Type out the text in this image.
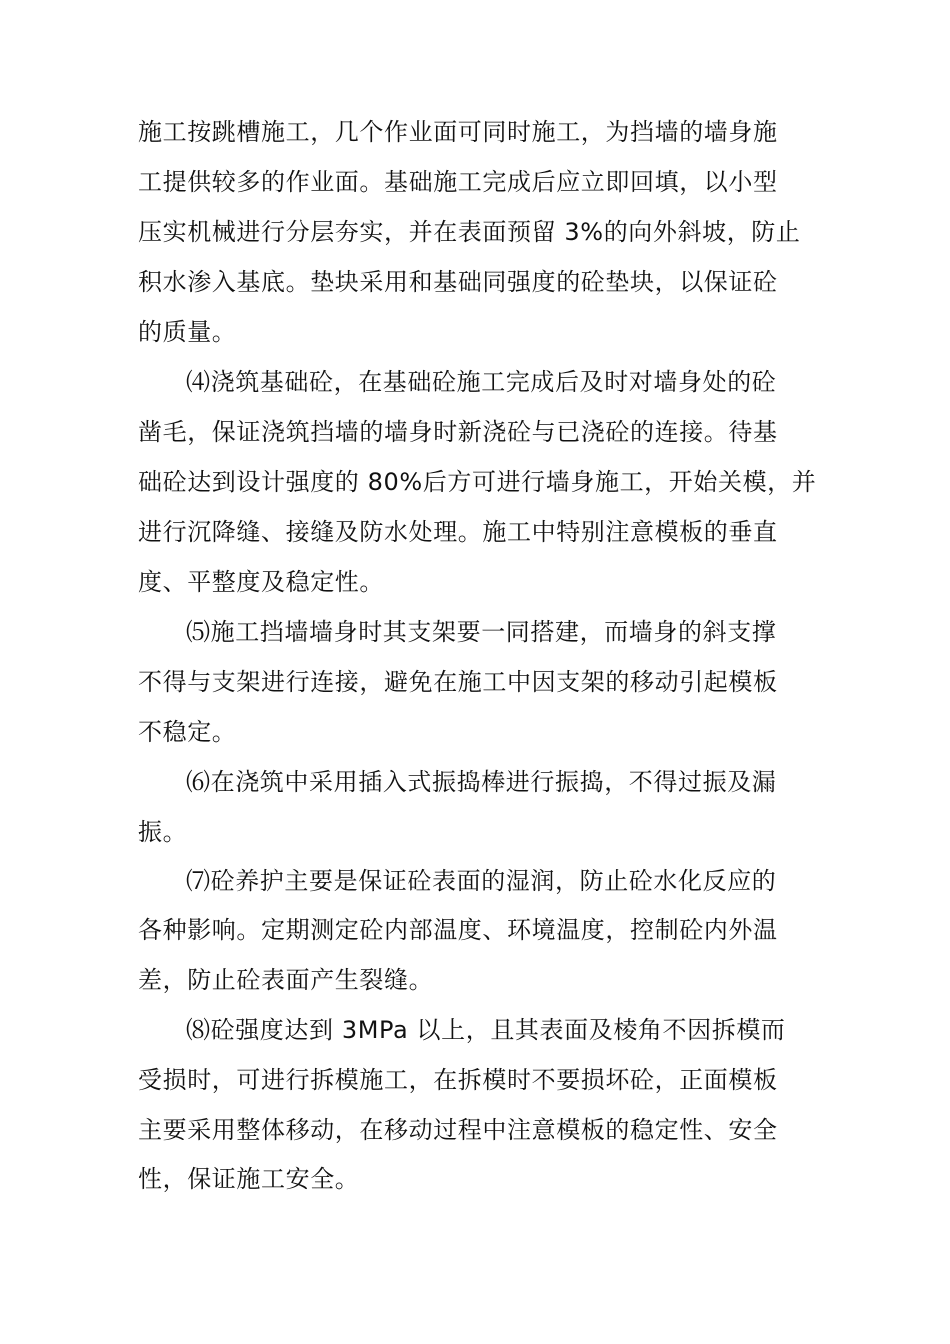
施工按跳槽施工，几个作业面可同时施工，为挡墙的墙身施
工提供较多的作业面。基础施工完成后应立即回填，以小型
压实机械进行分层夯实，并在表面预留 3%的向外斜坡，防止
积水渗入基底。垫块采用和基础同强度的砼垫块，以保证砼
的质量。
⑷浇筑基础砼，在基础砼施工完成后及时对墙身处的砼
凿毛，保证浇筑挡墙的墙身时新浇砼与已浇砼的连接。待基
础砼达到设计强度的 80%后方可进行墙身施工，开始关模，并
进行沉降缝、接缝及防水处理。施工中特别注意模板的垂直
度、平整度及稳定性。
⑸施工挡墙墙身时其支架要一同搭建，而墙身的斜支撑
不得与支架进行连接，避免在施工中因支架的移动引起模板
不稳定。
⑹在浇筑中采用插入式振捣棒进行振捣，不得过振及漏
振。
⑺砼养护主要是保证砼表面的湿润，防止砼水化反应的
各种影响。定期测定砼内部温度、环境温度，控制砼内外温
差，防止砼表面产生裂缝。
⑻砼强度达到 3MPa 以上，且其表面及棱角不因拆模而
受损时，可进行拆模施工，在拆模时不要损坏砼，正面模板
主要采用整体移动，在移动过程中注意模板的稳定性、安全
性，保证施工安全。
